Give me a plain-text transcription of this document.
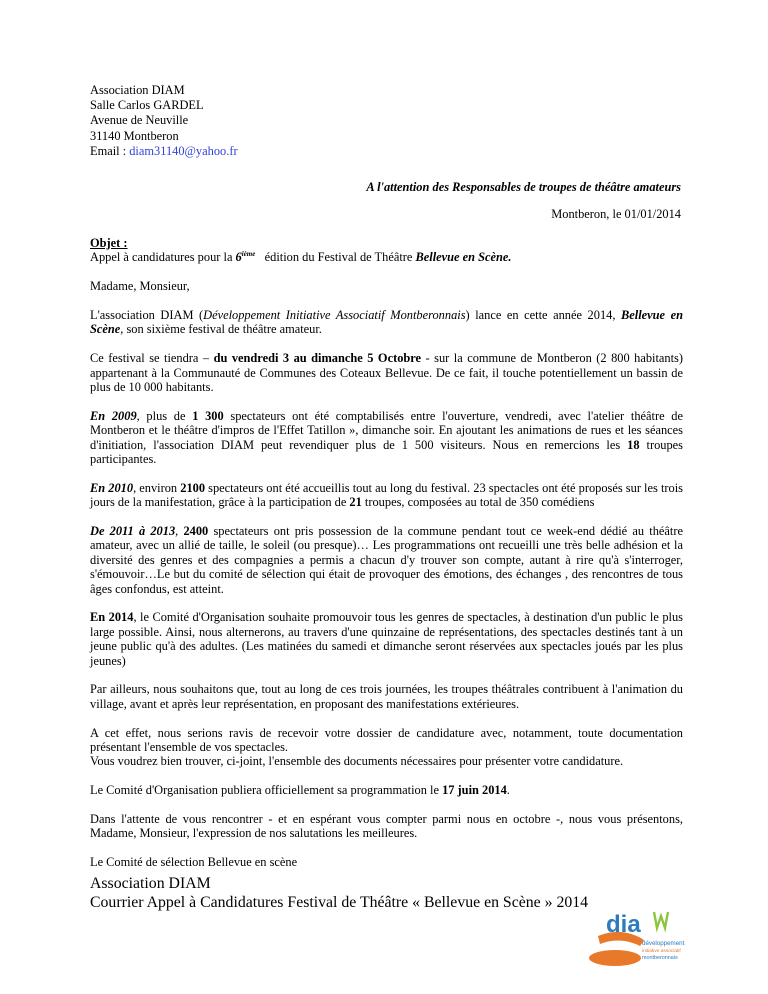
Association DIAM
Salle Carlos GARDEL
Avenue de Neuville
31140 Montberon
Email : diam31140@yahoo.fr
A l'attention des Responsables de troupes de théâtre amateurs
Montberon, le 01/01/2014

Objet :
Appel à candidatures pour la 6ième   édition du Festival de Théâtre Bellevue en Scène.

Madame, Monsieur,

L'association DIAM (Développement Initiative Associatif Montberonnais) lance en cette année 2014, Bellevue en Scène, son sixième festival de théâtre amateur.

Ce festival se tiendra – du vendredi 3 au dimanche 5 Octobre - sur la commune de Montberon (2 800 habitants) appartenant à la Communauté de Communes des Coteaux Bellevue. De ce fait, il touche potentiellement un bassin de plus de 10 000 habitants.

En 2009, plus de 1 300 spectateurs ont été comptabilisés entre l'ouverture, vendredi, avec l'atelier théâtre de Montberon et le théâtre d'impros de l'Effet Tatillon », dimanche soir. En ajoutant les animations de rues et les séances d'initiation, l'association DIAM peut revendiquer plus de 1 500 visiteurs. Nous en remercions les 18 troupes participantes.

En 2010, environ 2100 spectateurs ont été accueillis tout au long du festival. 23 spectacles ont été proposés sur les trois jours de la manifestation, grâce à la participation de 21 troupes, composées au total de 350 comédiens

De 2011 à 2013, 2400 spectateurs ont pris possession de la commune pendant tout ce week-end dédié au théâtre amateur, avec un allié de taille, le soleil (ou presque)… Les programmations ont recueilli une très belle adhésion et la diversité des genres et des compagnies a permis a chacun d'y trouver son compte, autant à rire qu'à s'interroger, s'émouvoir…Le but du comité de sélection qui était de provoquer des émotions, des échanges , des rencontres de tous âges confondus, est atteint.

En 2014, le Comité d'Organisation souhaite promouvoir tous les genres de spectacles, à destination d'un public le plus large possible. Ainsi, nous alternerons, au travers d'une quinzaine de représentations, des spectacles destinés tant à un jeune public qu'à des adultes. (Les matinées du samedi et dimanche seront réservées aux spectacles joués par les plus jeunes)

Par ailleurs, nous souhaitons que, tout au long de ces trois journées, les troupes théâtrales contribuent à l'animation du village, avant et après leur représentation, en proposant des manifestations extérieures.

A cet effet, nous serions ravis de recevoir votre dossier de candidature avec, notamment, toute documentation présentant l'ensemble de vos spectacles.
Vous voudrez bien trouver, ci-joint, l'ensemble des documents nécessaires pour présenter votre candidature.

Le Comité d'Organisation publiera officiellement sa programmation le 17 juin 2014.

Dans l'attente de vous rencontrer - et en espérant vous compter parmi nous en octobre -, nous vous présentons, Madame, Monsieur, l'expression de nos salutations les meilleures.

Le Comité de sélection Bellevue en scène

Association DIAM
Courrier Appel à Candidatures Festival de Théâtre « Bellevue en Scène » 2014
dia
développement
initiative associatif
montberonnais
